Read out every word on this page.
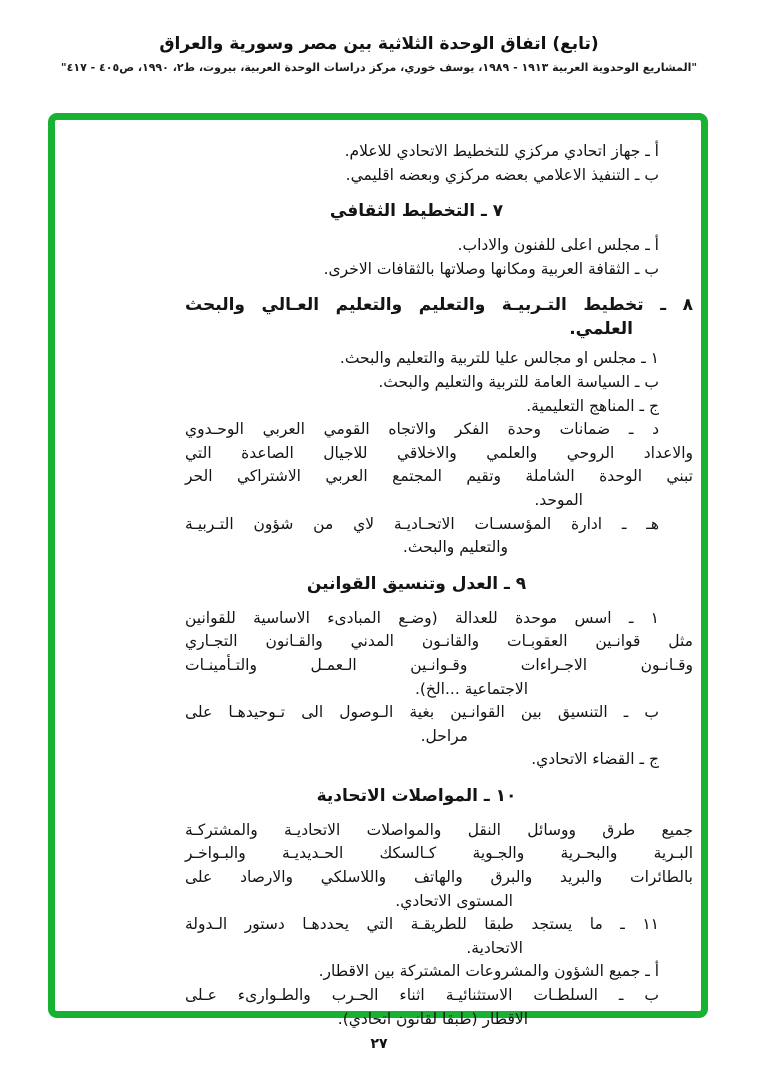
(تابع) اتفاق الوحدة الثلاثية بين مصر وسورية والعراق
"المشاريع الوحدوية العربية ١٩١٣ - ١٩٨٩، يوسف خوري، مركز دراسات الوحدة العربية، بيروت، ط٢، ١٩٩٠، ص٤٠٥ - ٤١٧"
أ ـ جهاز اتحادي مركزي للتخطيط الاتحادي للاعلام.
ب ـ التنفيذ الاعلامي بعضه مركزي وبعضه اقليمي.
٧ ـ التخطيط الثقافي
أ ـ مجلس اعلى للفنون والاداب.
ب ـ الثقافة العربية ومكانها وصلاتها بالثقافات الاخرى.
٨ ـ تخطيط التـربيـة والتعليم والتعليم العـالي والبحث
العلمي.
١ ـ مجلس او مجالس عليا للتربية والتعليم والبحث.
ب ـ السياسة العامة للتربية والتعليم والبحث.
ج ـ المناهج التعليمية.
د ـ ضمانات وحدة الفكر والاتجاه القومي العربي الوحـدوي
والاعداد الروحي والعلمي والاخلاقي للاجيال الصاعدة التي
تبني الوحدة الشاملة وتقيم المجتمع العربي الاشتراكي الحر
الموحد.
هـ ـ ادارة المؤسسـات الاتحـاديـة لاي من شؤون التـربيـة
والتعليم والبحث.
٩ ـ العدل وتنسيق القوانين
١ ـ اسس موحدة للعدالة (وضـع المبادىء الاساسية للقوانين
مثل قوانـين العقوبـات والقانـون المدني والقـانون التجـاري
وقـانـون الاجـراءات وقـوانـين الـعمـل والتـأمينـات
الاجتماعية ...الخ).
ب ـ التنسيق بين القوانـين بغية الـوصول الى تـوحيدهـا على
مراحل.
ج ـ القضاء الاتحادي.
١٠ ـ المواصلات الاتحادية
جميع طرق ووسائل النقل والمواصلات الاتحاديـة والمشتركـة
البـرية والبحـرية والجـوية كـالسكك الحـديديـة والبـواخـر
بالطائرات والبريد والبرق والهاتف واللاسلكي والارصاد على
المستوى الاتحادي.
١١ ـ ما يستجد طبقا للطريقـة التي يحددهـا دستور الـدولة
الاتحادية.
أ ـ جميع الشؤون والمشروعات المشتركة بين الاقطار.
ب ـ السلطـات الاستثنائيـة اثناء الحـرب والطـوارىء عـلى
الاقطار (طبقا لقانون اتحادي).
٢٧
